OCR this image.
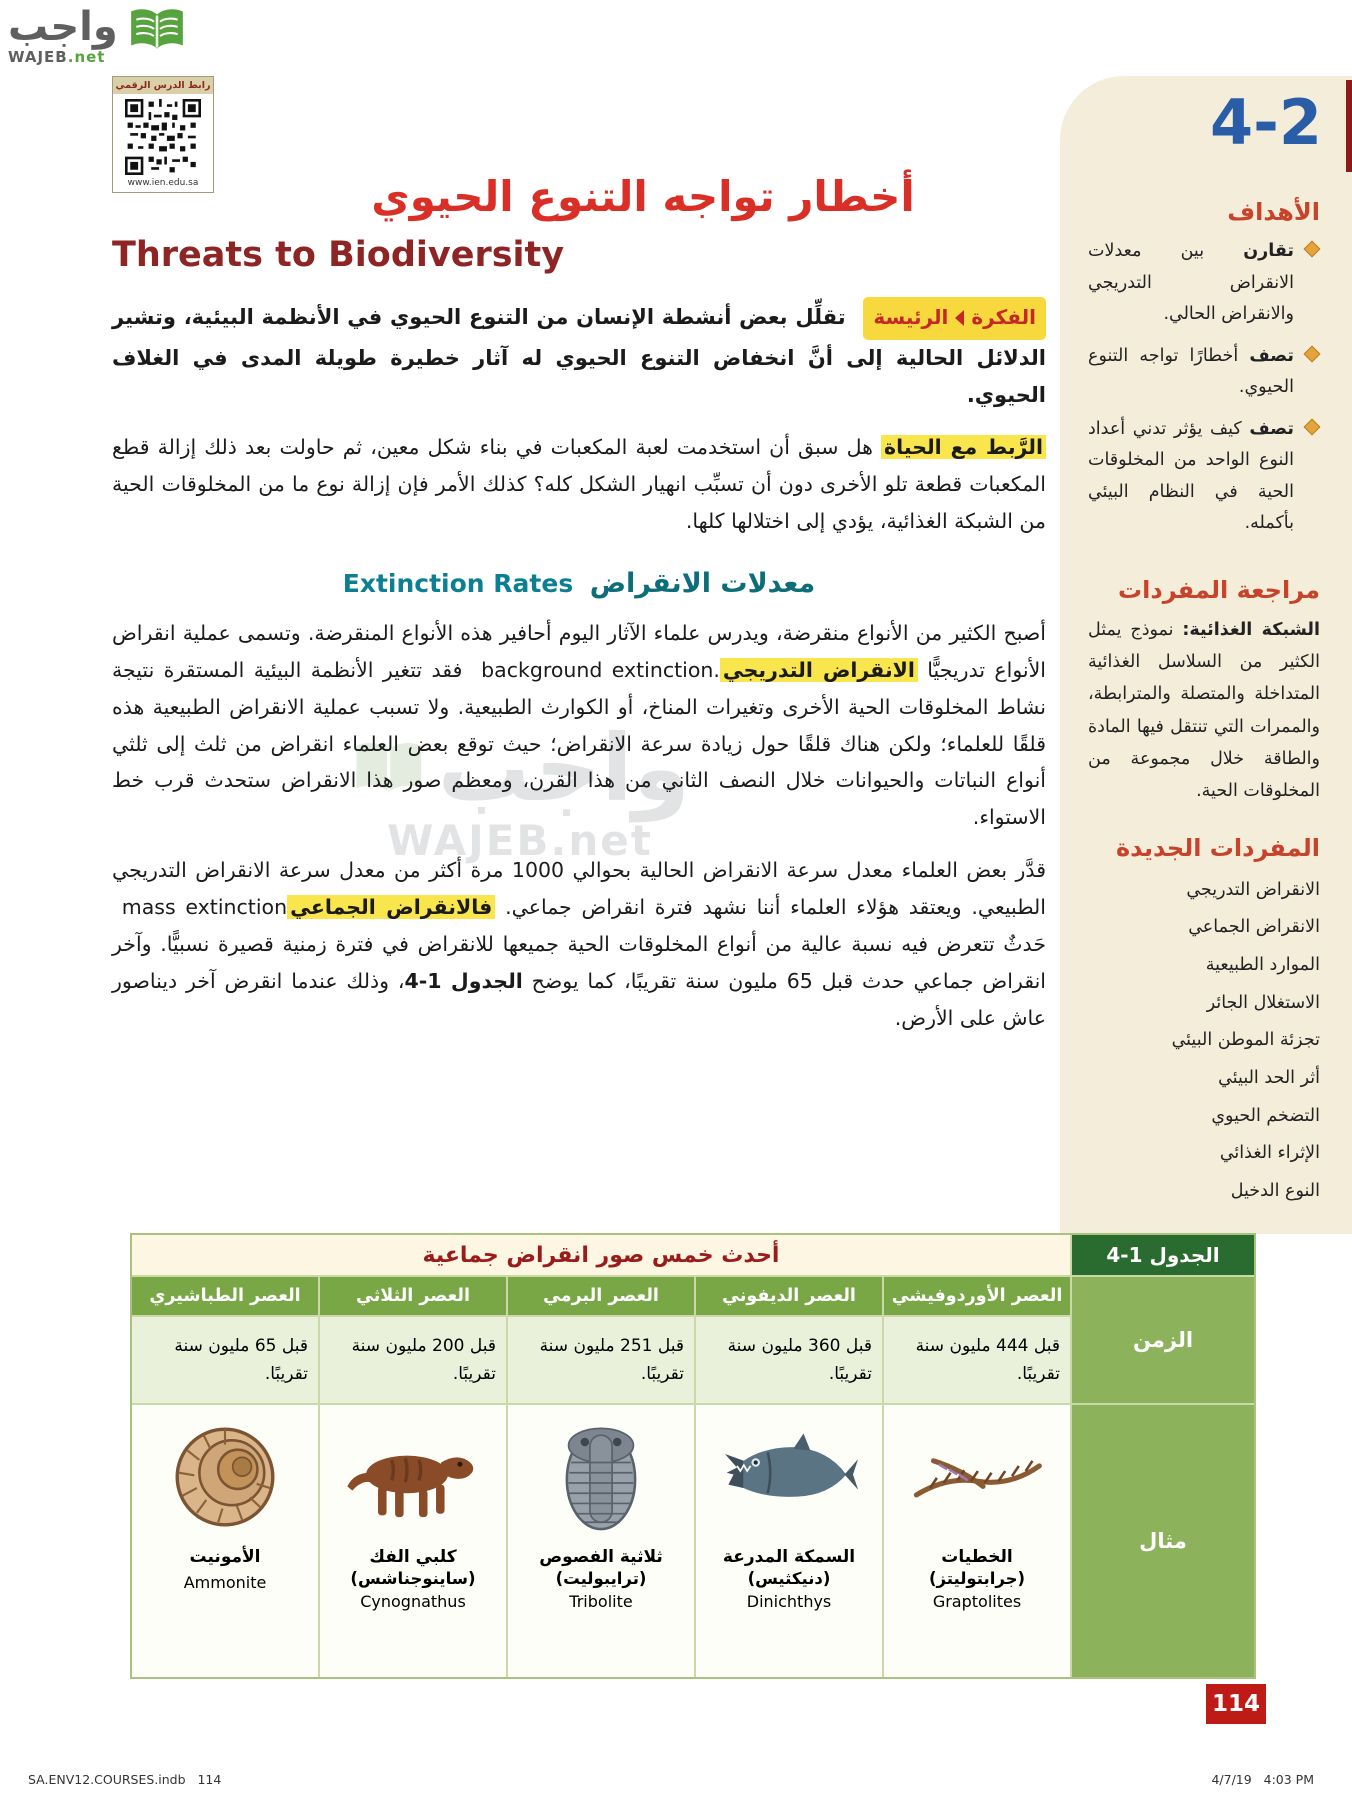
واجب
WAJEB.net
رابط الدرس الرقمي
www.ien.edu.sa
واجب
WAJEB.net
4-2
الأهداف
تقارن بين معدلات الانقراض التدريجي والانقراض الحالي.
تصف أخطارًا تواجه التنوع الحيوي.
تصف كيف يؤثر تدني أعداد النوع الواحد من المخلوقات الحية في النظام البيئي بأكمله.
مراجعة المفردات

الشبكة الغذائية: نموذج يمثل الكثير من السلاسل الغذائية المتداخلة والمتصلة والمترابطة، والممرات التي تنتقل فيها المادة والطاقة خلال مجموعة من المخلوقات الحية.

المفردات الجديدة
الانقراض التدريجي
الانقراض الجماعي
الموارد الطبيعية
الاستغلال الجائر
تجزئة الموطن البيئي
أثر الحد البيئي
التضخم الحيوي
الإثراء الغذائي
النوع الدخيل
أخطار تواجه التنوع الحيوي
Threats to Biodiversity

الفكرةالرئيسة تقلِّل بعض أنشطة الإنسان من التنوع الحيوي في الأنظمة البيئية، وتشير الدلائل الحالية إلى أنَّ انخفاض التنوع الحيوي له آثار خطيرة طويلة المدى في الغلاف الحيوي.

الرَّبط مع الحياة هل سبق أن استخدمت لعبة المكعبات في بناء شكل معين، ثم حاولت بعد ذلك إزالة قطع المكعبات قطعة تلو الأخرى دون أن تسبِّب انهيار الشكل كله؟ كذلك الأمر فإن إزالة نوع ما من المخلوقات الحية من الشبكة الغذائية، يؤدي إلى اختلالها كلها.

معدلات الانقراض Extinction Rates

أصبح الكثير من الأنواع منقرضة، ويدرس علماء الآثار اليوم أحافير هذه الأنواع المنقرضة. وتسمى عملية انقراض الأنواع تدريجيًّا الانقراض التدريجي background extinction. فقد تتغير الأنظمة البيئية المستقرة نتيجة نشاط المخلوقات الحية الأخرى وتغيرات المناخ، أو الكوارث الطبيعية. ولا تسبب عملية الانقراض الطبيعية هذه قلقًا للعلماء؛ ولكن هناك قلقًا حول زيادة سرعة الانقراض؛ حيث توقع بعض العلماء انقراض من ثلث إلى ثلثي أنواع النباتات والحيوانات خلال النصف الثاني من هذا القرن، ومعظم صور هذا الانقراض ستحدث قرب خط الاستواء.

قدَّر بعض العلماء معدل سرعة الانقراض الحالية بحوالي 1000 مرة أكثر من معدل سرعة الانقراض التدريجي الطبيعي. ويعتقد هؤلاء العلماء أننا نشهد فترة انقراض جماعي. فالانقراض الجماعي mass extinction حَدثٌ تتعرض فيه نسبة عالية من أنواع المخلوقات الحية جميعها للانقراض في فترة زمنية قصيرة نسبيًّا. وآخر انقراض جماعي حدث قبل 65 مليون سنة تقريبًا، كما يوضح الجدول 1-4، وذلك عندما انقرض آخر ديناصور عاش على الأرض.

الجدول 1-4
أحدث خمس صور انقراض جماعية
الزمن
العصر الأوردوفيشي
العصر الديفوني
العصر البرمي
العصر الثلاثي
العصر الطباشيري
قبل 444 مليون سنة تقريبًا.
قبل 360 مليون سنة تقريبًا.
قبل 251 مليون سنة تقريبًا.
قبل 200 مليون سنة تقريبًا.
قبل 65 مليون سنة تقريبًا.
مثال
الخطيات
(جرابتوليتز)
Graptolites
السمكة المدرعة
(دنيكثيس)
Dinichthys
ثلاثية الفصوص
(ترايبوليت)
Tribolite
كلبي الفك
(ساينوجناشس)
Cynognathus
الأمونيت
Ammonite
114
SA.ENV12.COURSES.indb   114	4/7/19   4:03 PM
